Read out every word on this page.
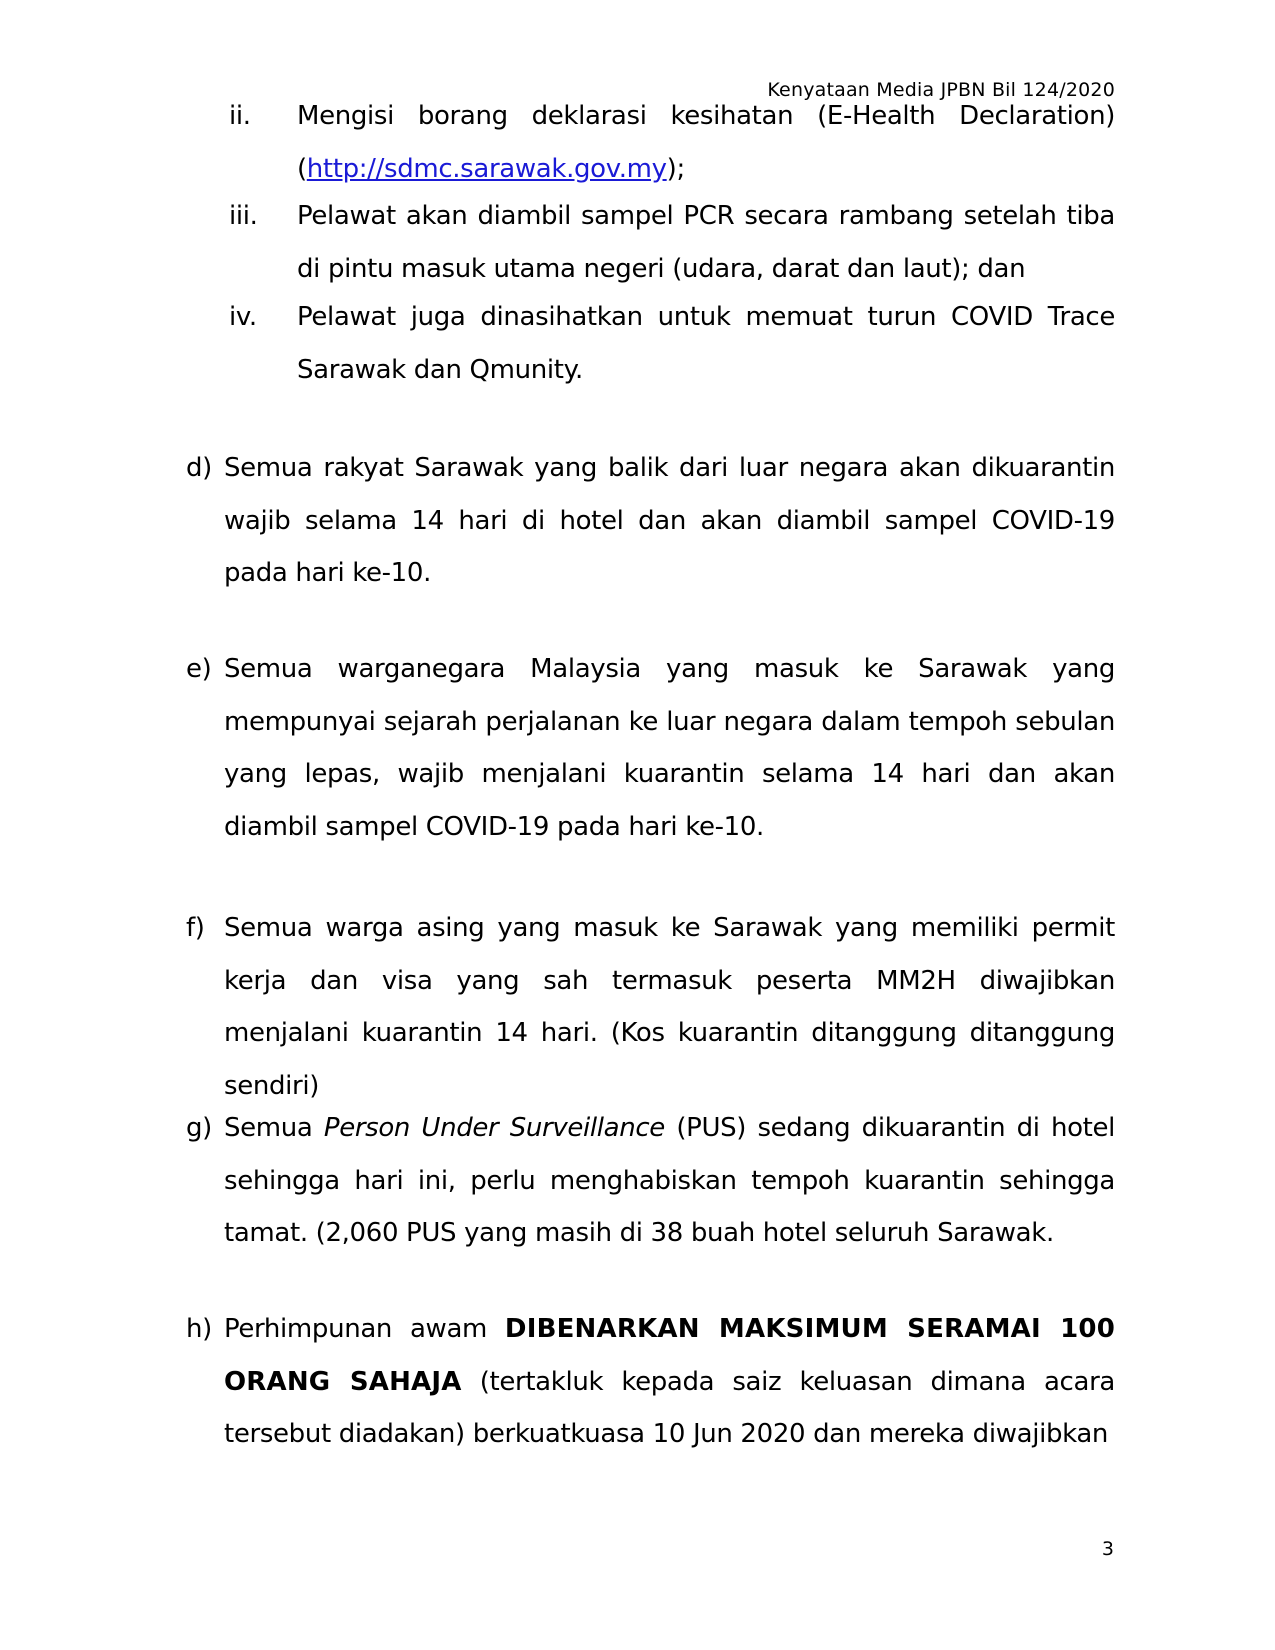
Kenyataan Media JPBN Bil 124/2020
ii.	Mengisi borang deklarasi kesihatan (E-Health Declaration) (http://sdmc.sarawak.gov.my);
iii.	Pelawat akan diambil sampel PCR secara rambang setelah tiba di pintu masuk utama negeri (udara, darat dan laut); dan
iv.	Pelawat juga dinasihatkan untuk memuat turun COVID Trace Sarawak dan Qmunity.
d) Semua rakyat Sarawak yang balik dari luar negara akan dikuarantin wajib selama 14 hari di hotel dan akan diambil sampel COVID-19 pada hari ke-10.
e) Semua warganegara Malaysia yang masuk ke Sarawak yang mempunyai sejarah perjalanan ke luar negara dalam tempoh sebulan yang lepas, wajib menjalani kuarantin selama 14 hari dan akan diambil sampel COVID-19 pada hari ke-10.
f) Semua warga asing yang masuk ke Sarawak yang memiliki permit kerja dan visa yang sah termasuk peserta MM2H diwajibkan menjalani kuarantin 14 hari. (Kos kuarantin ditanggung ditanggung sendiri)
g) Semua Person Under Surveillance (PUS) sedang dikuarantin di hotel sehingga hari ini, perlu menghabiskan tempoh kuarantin sehingga tamat. (2,060 PUS yang masih di 38 buah hotel seluruh Sarawak.
h) Perhimpunan awam DIBENARKAN MAKSIMUM SERAMAI 100 ORANG SAHAJA (tertakluk kepada saiz keluasan dimana acara tersebut diadakan) berkuatkuasa 10 Jun 2020 dan mereka diwajibkan
3
